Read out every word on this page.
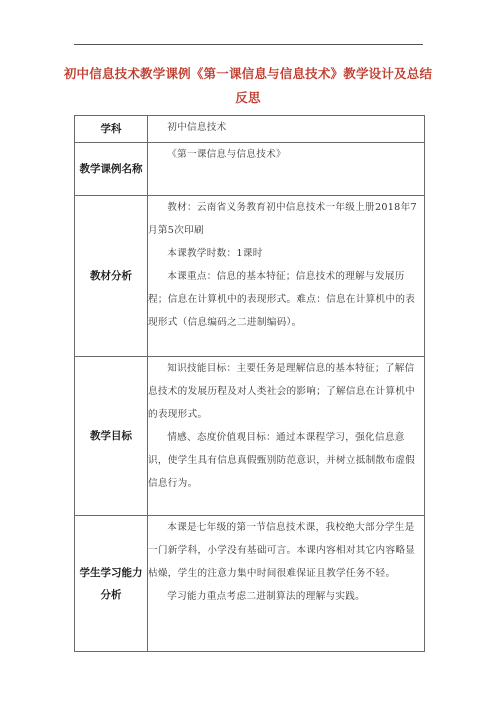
初中信息技术教学课例《第一课信息与信息技术》教学设计及总结反思
学科	初中信息技术

教学课例名称	《第一课信息与信息技术》

教材分析	教材：云南省义务教育初中信息技术一年级上册2018年7月第5次印刷
本课教学时数：1课时
本课重点：信息的基本特征；信息技术的理解与发展历程；信息在计算机中的表现形式。难点：信息在计算机中的表现形式（信息编码之二进制编码）。

教学目标	知识技能目标：主要任务是理解信息的基本特征；了解信息技术的发展历程及对人类社会的影响；了解信息在计算机中的表现形式。
情感、态度价值观目标：通过本课程学习，强化信息意识，使学生具有信息真假甄别防范意识，并树立抵制散布虚假信息行为。

学生学习能力分析	本课是七年级的第一节信息技术课，我校绝大部分学生是一门新学科，小学没有基础可言。本课内容相对其它内容略显枯燥，学生的注意力集中时间很难保证且教学任务不轻。
学习能力重点考虑二进制算法的理解与实践。
